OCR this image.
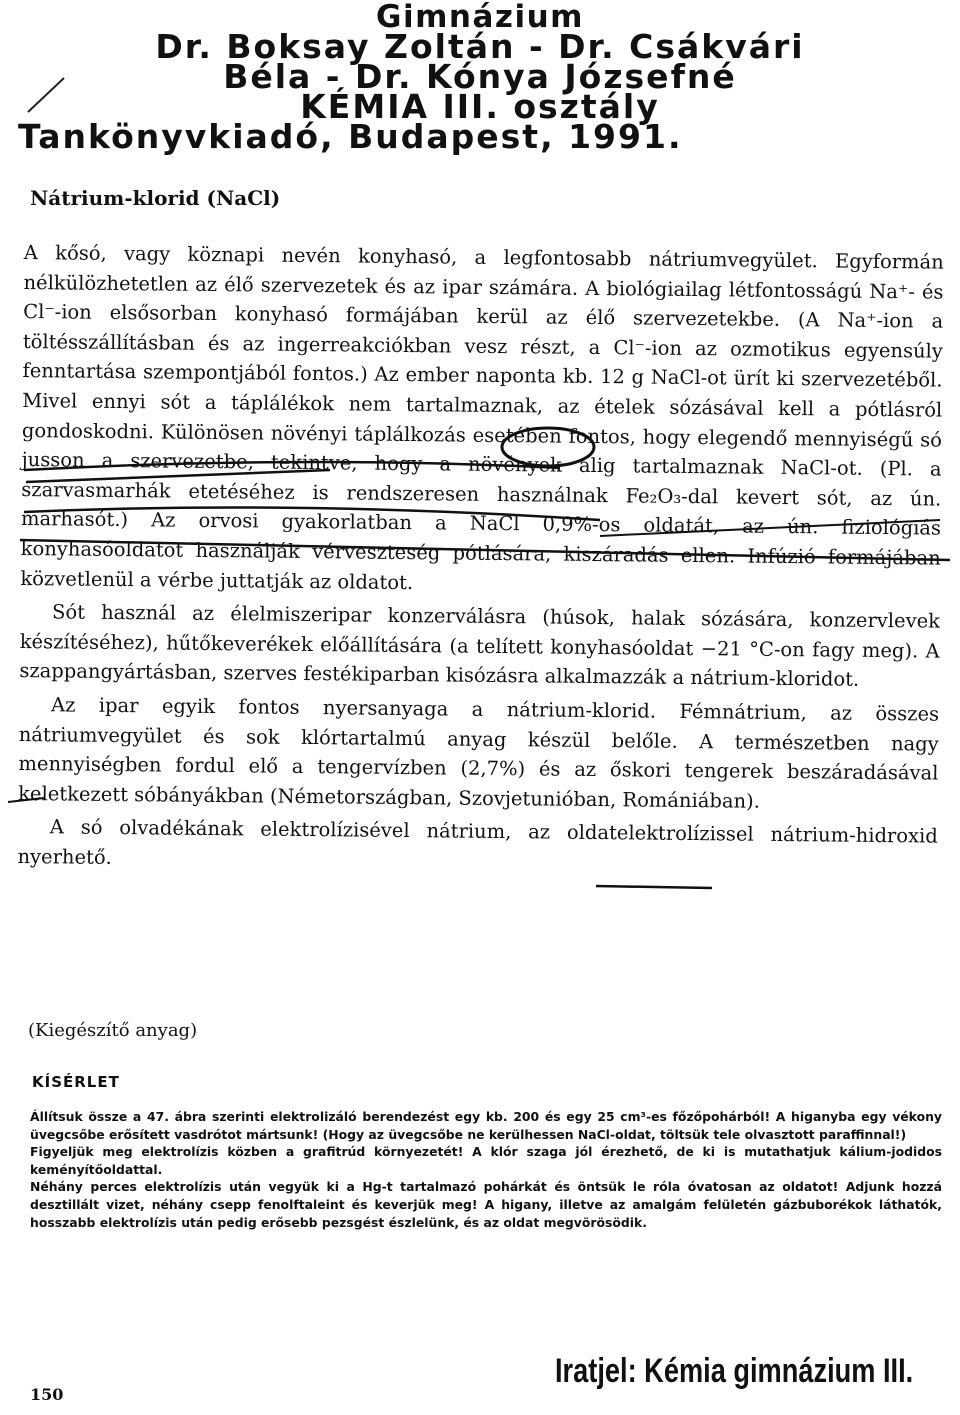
Gimnázium
Dr. Boksay Zoltán - Dr. Csákvári
Béla - Dr. Kónya Józsefné
KÉMIA III. osztály
Tankönyvkiadó, Budapest, 1991.
Nátrium-klorid (NaCl)

A kősó, vagy köznapi nevén konyhasó, a legfontosabb nátriumvegyület. Egyformán nélkülözhetetlen az élő szervezetek és az ipar számára. A biológiailag létfontosságú Na⁺- és Cl⁻-ion elsősorban konyhasó formájában kerül az élő szervezetekbe. (A Na⁺-ion a töltésszállításban és az ingerreakciókban vesz részt, a Cl⁻-ion az ozmotikus egyensúly fenntartása szempontjából fontos.) Az ember naponta kb. 12 g NaCl-ot ürít ki szervezetéből. Mivel ennyi sót a táplálékok nem tartalmaznak, az ételek sózásával kell a pótlásról gondoskodni. Különösen növényi táplálkozás esetében fontos, hogy elegendő mennyiségű só jusson a szervezetbe, tekintve, hogy a növények alig tartalmaznak NaCl-ot. (Pl. a szarvasmarhák etetéséhez is rendszeresen használnak Fe₂O₃-dal kevert sót, az ún. marhasót.) Az orvosi gyakorlatban a NaCl 0,9%-os oldatát, az ún. fiziológiás konyhasóoldatot használják vérveszteség pótlására, kiszáradás ellen. Infúzió formájában közvetlenül a vérbe juttatják az oldatot.

Sót használ az élelmiszeripar konzerválásra (húsok, halak sózására, konzervlevek készítéséhez), hűtőkeverékek előállítására (a telített konyhasóoldat −21 °C-on fagy meg). A szappangyártásban, szerves festékiparban kisózásra alkalmazzák a nátrium-kloridot.

Az ipar egyik fontos nyersanyaga a nátrium-klorid. Fémnátrium, az összes nátriumvegyület és sok klórtartalmú anyag készül belőle. A természetben nagy mennyiségben fordul elő a tengervízben (2,7%) és az őskori tengerek beszáradásával keletkezett sóbányákban (Németországban, Szovjetunióban, Romániában).

A só olvadékának elektrolízisével nátrium, az oldatelektrolízissel nátrium-hidroxid nyerhető.

(Kiegészítő anyag)
KÍSÉRLET

Állítsuk össze a 47. ábra szerinti elektrolizáló berendezést egy kb. 200 és egy 25 cm³-es főzőpohárból! A higanyba egy vékony üvegcsőbe erősített vasdrótot mártsunk! (Hogy az üvegcsőbe ne kerülhessen NaCl-oldat, töltsük tele olvasztott paraffinnal!)

Figyeljük meg elektrolízis közben a grafitrúd környezetét! A klór szaga jól érezhető, de ki is mutathatjuk kálium-jodidos keményítőoldattal.

Néhány perces elektrolízis után vegyük ki a Hg-t tartalmazó pohárkát és öntsük le róla óvatosan az oldatot! Adjunk hozzá desztillált vizet, néhány csepp fenolftaleint és keverjük meg! A higany, illetve az amalgám felületén gázbuborékok láthatók, hosszabb elektrolízis után pedig erősebb pezsgést észlelünk, és az oldat megvörösödik.

150
Iratjel: Kémia gimnázium III.
